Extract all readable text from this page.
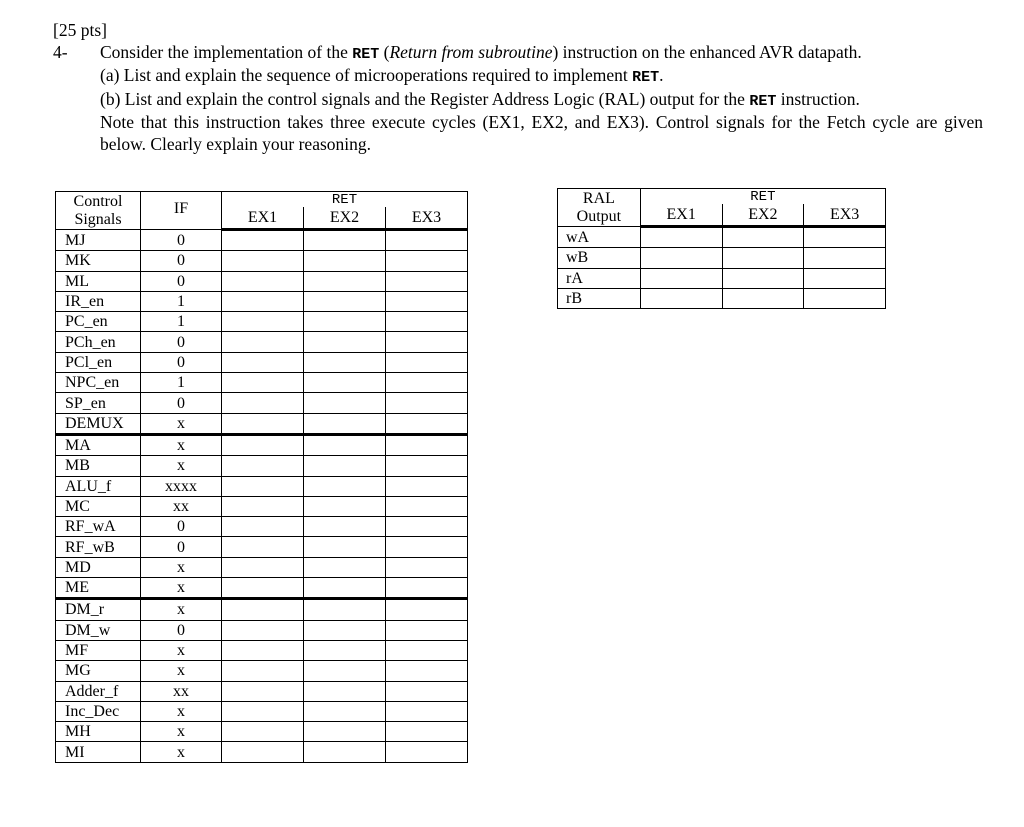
[25 pts]
4-	Consider the implementation of the RET (Return from subroutine) instruction on the enhanced AVR datapath.
(a) List and explain the sequence of microoperations required to implement RET.
(b) List and explain the control signals and the Register Address Logic (RAL) output for the RET instruction.
Note that this instruction takes three execute cycles (EX1, EX2, and EX3). Control signals for the Fetch cycle are given below. Clearly explain your reasoning.
Control
Signals	IF		RET	
		EX1	EX2	EX3
MJ	0			
MK	0			
ML	0			
IR_en	1			
PC_en	1			
PCh_en	0			
PCl_en	0			
NPC_en	1			
SP_en	0			
DEMUX	x			
MA	x			
MB	x			
ALU_f	xxxx			
MC	xx			
RF_wA	0			
RF_wB	0			
MD	x			
ME	x			
DM_r	x			
DM_w	0			
MF	x			
MG	x			
Adder_f	xx			
Inc_Dec	x			
MH	x			
MI	x			
RAL
Output		RET	
	EX1	EX2	EX3
wA			
wB			
rA			
rB			
